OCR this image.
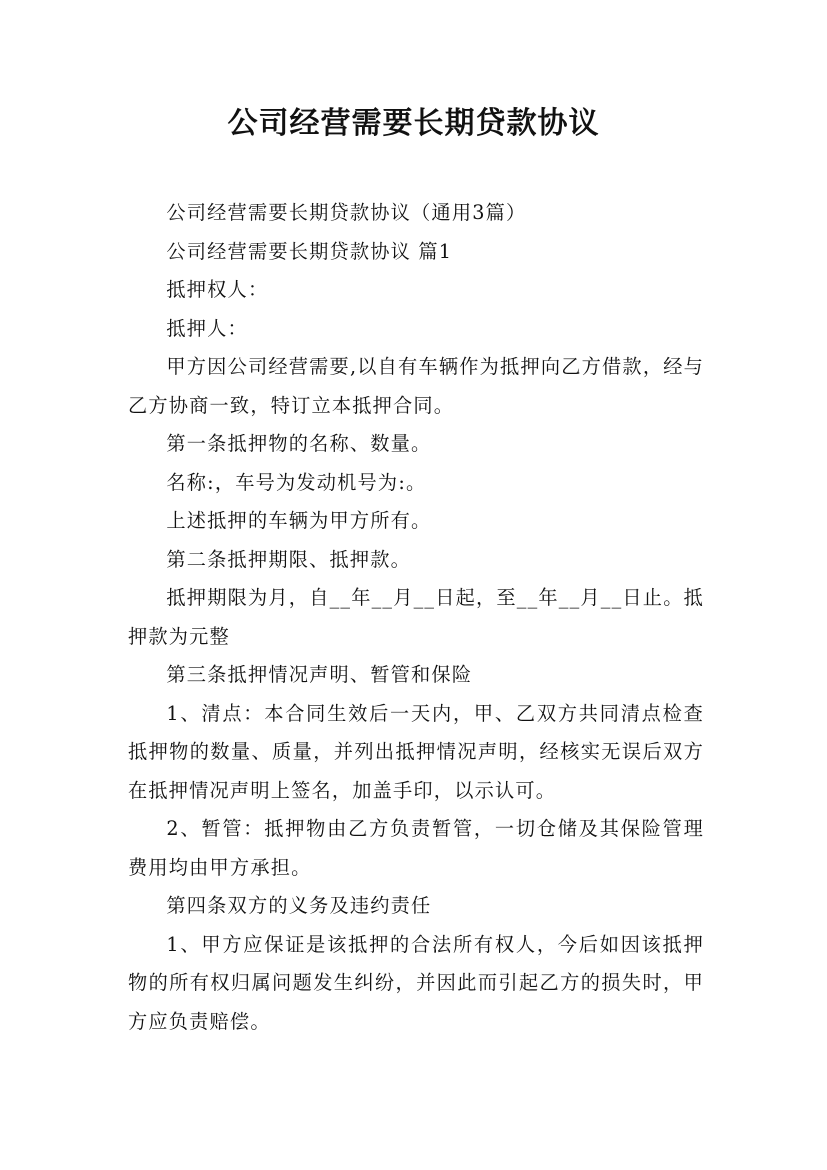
公司经营需要长期贷款协议

公司经营需要长期贷款协议（通用3篇）

公司经营需要长期贷款协议 篇1

抵押权人：

抵押人：

甲方因公司经营需要,以自有车辆作为抵押向乙方借款，经与乙方协商一致，特订立本抵押合同。

第一条抵押物的名称、数量。

名称:，车号为发动机号为:。

上述抵押的车辆为甲方所有。

第二条抵押期限、抵押款。

抵押期限为月，自__年__月__日起，至__年__月__日止。抵押款为元整

第三条抵押情况声明、暂管和保险

1、清点：本合同生效后一天内，甲、乙双方共同清点检查抵押物的数量、质量，并列出抵押情况声明，经核实无误后双方在抵押情况声明上签名，加盖手印，以示认可。

2、暂管：抵押物由乙方负责暂管，一切仓储及其保险管理费用均由甲方承担。

第四条双方的义务及违约责任

1、甲方应保证是该抵押的合法所有权人，今后如因该抵押物的所有权归属问题发生纠纷，并因此而引起乙方的损失时，甲方应负责赔偿。
